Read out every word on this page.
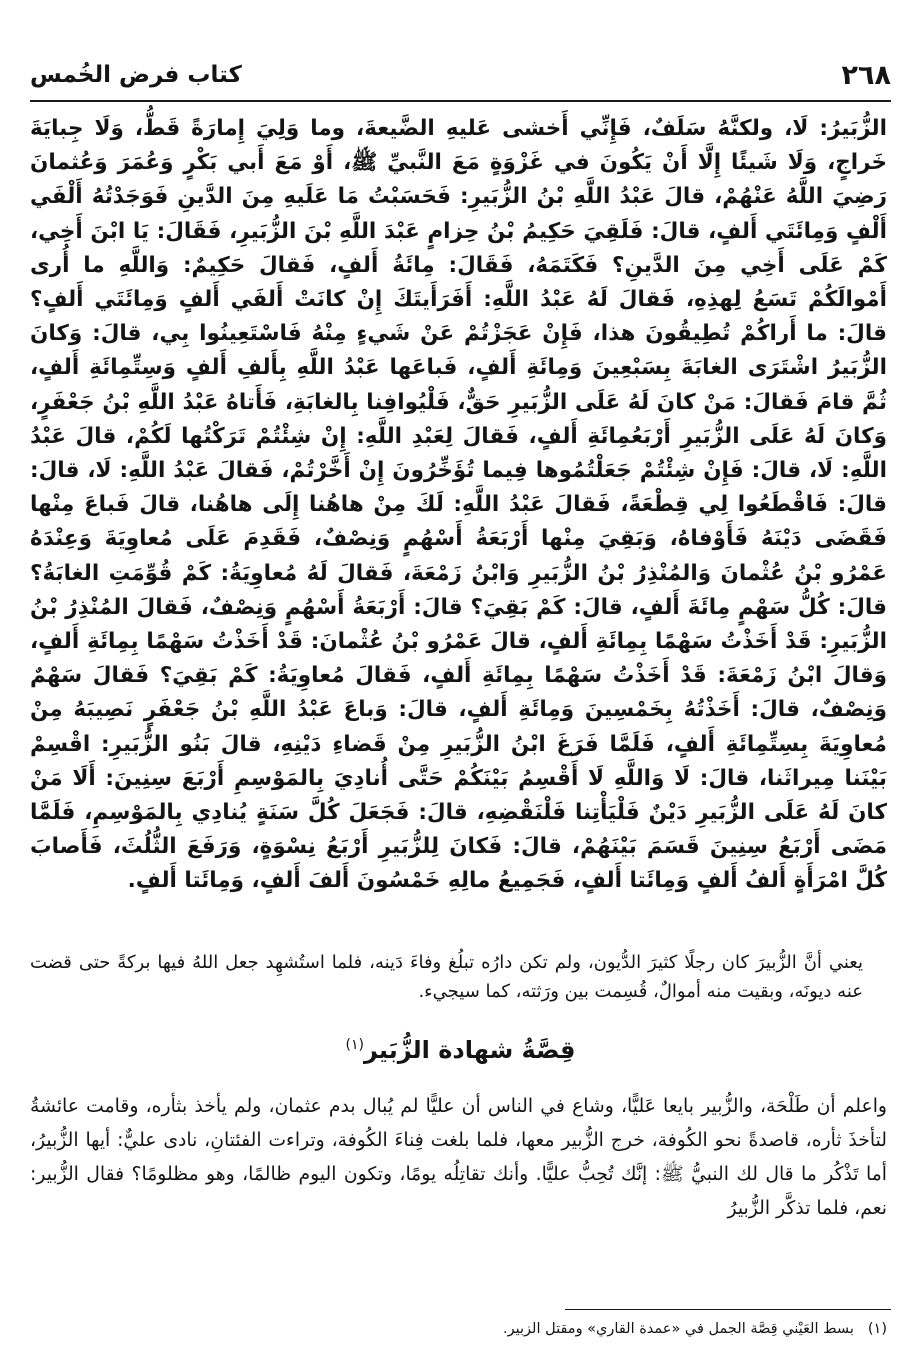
٢٦٨
كتاب فرض الخُمس
الزُّبَيرُ: لَا، ولكنَّهُ سَلَفٌ، فَإِنِّي أَخشى عَليهِ الضَّيعةَ، وما وَلِيَ إِمارَةً قَطُّ، وَلَا جِبايَةَ خَراجٍ، وَلَا شَيئًا إِلَّا أَنْ يَكُونَ في غَزْوَةٍ مَعَ النَّبيِّ ﷺ، أَوْ مَعَ أَبي بَكْرٍ وَعُمَرَ وَعُثمانَ رَضِيَ اللَّهُ عَنْهُمْ، قالَ عَبْدُ اللَّهِ بْنُ الزُّبَيرِ: فَحَسَبْتُ مَا عَلَيهِ مِنَ الدَّينِ فَوَجَدْتُهُ أَلْفَي أَلْفٍ وَمِائَتَي أَلفٍ، قالَ: فَلَقِيَ حَكِيمُ بْنُ حِزامٍ عَبْدَ اللَّهِ بْنَ الزُّبَيرِ، فَقَالَ: يَا ابْنَ أَخِي، كَمْ عَلَى أَخِي مِنَ الدَّينِ؟ فَكَتَمَهُ، فَقَالَ: مِائَةُ أَلفٍ، فَقالَ حَكِيمٌ: وَاللَّهِ ما أُرى أَمْوالَكُمْ تَسَعُ لِهذِهِ، فَقالَ لَهُ عَبْدُ اللَّهِ: أَفَرَأَيتَكَ إِنْ كانَتْ أَلفَي أَلفٍ وَمِائَتَي أَلفٍ؟ قالَ: ما أَراكُمْ تُطِيقُونَ هذا، فَإِنْ عَجَزْتُمْ عَنْ شَيءٍ مِنْهُ فَاسْتَعِينُوا بِي، قالَ: وَكانَ الزُّبَيرُ اشْتَرَى الغابَةَ بِسَبْعِينَ وَمِائَةِ أَلفٍ، فَباعَها عَبْدُ اللَّهِ بِأَلفِ أَلفٍ وَسِتِّمِائَةِ أَلفٍ، ثُمَّ قامَ فَقالَ: مَنْ كانَ لَهُ عَلَى الزُّبَيرِ حَقٌّ، فَلْيُوافِنا بِالغابَةِ، فَأَتاهُ عَبْدُ اللَّهِ بْنُ جَعْفَرٍ، وَكانَ لَهُ عَلَى الزُّبَيرِ أَرْبَعُمِائَةِ أَلفٍ، فَقالَ لِعَبْدِ اللَّهِ: إِنْ شِئْتُمْ تَرَكْتُها لَكُمْ، قالَ عَبْدُ اللَّهِ: لَا، قالَ: فَإِنْ شِئْتُمْ جَعَلْتُمُوها فِيما تُؤَخِّرُونَ إِنْ أَخَّرْتُمْ، فَقالَ عَبْدُ اللَّهِ: لَا، قالَ: قالَ: فَاقْطَعُوا لِي قِطْعَةً، فَقالَ عَبْدُ اللَّهِ: لَكَ مِنْ هاهُنا إِلَى هاهُنا، قالَ فَباعَ مِنْها فَقَضَى دَيْنَهُ فَأَوْفاهُ، وَبَقِيَ مِنْها أَرْبَعَةُ أَسْهُمٍ وَنِصْفٌ، فَقَدِمَ عَلَى مُعاوِيَةَ وَعِنْدَهُ عَمْرُو بْنُ عُثْمانَ وَالمُنْذِرُ بْنُ الزُّبَيرِ وَابْنُ زَمْعَةَ، فَقالَ لَهُ مُعاوِيَةُ: كَمْ قُوِّمَتِ الغابَةُ؟ قالَ: كُلُّ سَهْمٍ مِائَةَ أَلفٍ، قالَ: كَمْ بَقِيَ؟ قالَ: أَرْبَعَةُ أَسْهُمٍ وَنِصْفٌ، فَقالَ المُنْذِرُ بْنُ الزُّبَيرِ: قَدْ أَخَذْتُ سَهْمًا بِمِائَةِ أَلفٍ، قالَ عَمْرُو بْنُ عُثْمانَ: قَدْ أَخَذْتُ سَهْمًا بِمِائَةِ أَلفٍ، وَقالَ ابْنُ زَمْعَةَ: قَدْ أَخَذْتُ سَهْمًا بِمِائَةِ أَلفٍ، فَقالَ مُعاوِيَةُ: كَمْ بَقِيَ؟ فَقالَ سَهْمٌ وَنِصْفٌ، قالَ: أَخَذْتُهُ بِخَمْسِينَ وَمِائَةِ أَلفٍ، قالَ: وَباعَ عَبْدُ اللَّهِ بْنُ جَعْفَرٍ نَصِيبَهُ مِنْ مُعاوِيَةَ بِسِتِّمِائَةِ أَلفٍ، فَلَمَّا فَرَغَ ابْنُ الزُّبَيرِ مِنْ قَضاءِ دَيْنِهِ، قالَ بَنُو الزُّبَيرِ: اقْسِمْ بَيْنَنا مِيراثَنا، قالَ: لَا وَاللَّهِ لَا أَقْسِمُ بَيْنَكُمْ حَتَّى أُنادِيَ بِالمَوْسِمِ أَرْبَعَ سِنِينَ: أَلَا مَنْ كانَ لَهُ عَلَى الزُّبَيرِ دَيْنٌ فَلْيَأْتِنا فَلْنَقْضِهِ، قالَ: فَجَعَلَ كُلَّ سَنَةٍ يُنادِي بِالمَوْسِمِ، فَلَمَّا مَضَى أَرْبَعُ سِنِينَ قَسَمَ بَيْنَهُمْ، قالَ: فَكانَ لِلزُّبَيرِ أَرْبَعُ نِسْوَةٍ، وَرَفَعَ الثُّلُثَ، فَأَصابَ كُلَّ امْرَأَةٍ أَلفُ أَلفٍ وَمِائَتا أَلفٍ، فَجَمِيعُ مالِهِ خَمْسُونَ أَلفَ أَلفٍ، وَمِائَتا أَلفٍ.
يعني أنَّ الزُّبيرَ كان رجلًا كثيرَ الدُّيون، ولم تكن دارُه تبلُغ وفاءَ دَينه، فلما استُشهِد جعل اللهُ فيها بركةً حتى قضت عنه ديونَه، وبقيت منه أموالٌ، قُسِمت بين ورَثته، كما سيجيء.
قِصَّةُ شهادة الزُّبَير$^{(١)}$
واعلم أن طَلْحَة، والزُّبير بايعا عَليًّا، وشاع في الناس أن عليًّا لم يُبال بدم عثمان، ولم يأخذ بثأره، وقامت عائشةُ لتأخذَ ثأره، قاصدةً نحو الكُوفة، خرج الزُّبير معها، فلما بلغت فِناءَ الكُوفة، وتراءت الفئتانِ، نادى عليٌّ: أيها الزُّبيرُ، أما تَذْكُر ما قال لك النبيُّ ﷺ: إنَّك تُحِبُّ عليًّا. وأنك تقاتِلُه يومًا، وتكون اليوم ظالمًا، وهو مظلومًا؟ فقال الزُّبير: نعم، فلما تذكَّر الزُّبيرُ
(١)بسط العَيْني قِصَّة الجمل في «عمدة القاري» ومقتل الزبير.
